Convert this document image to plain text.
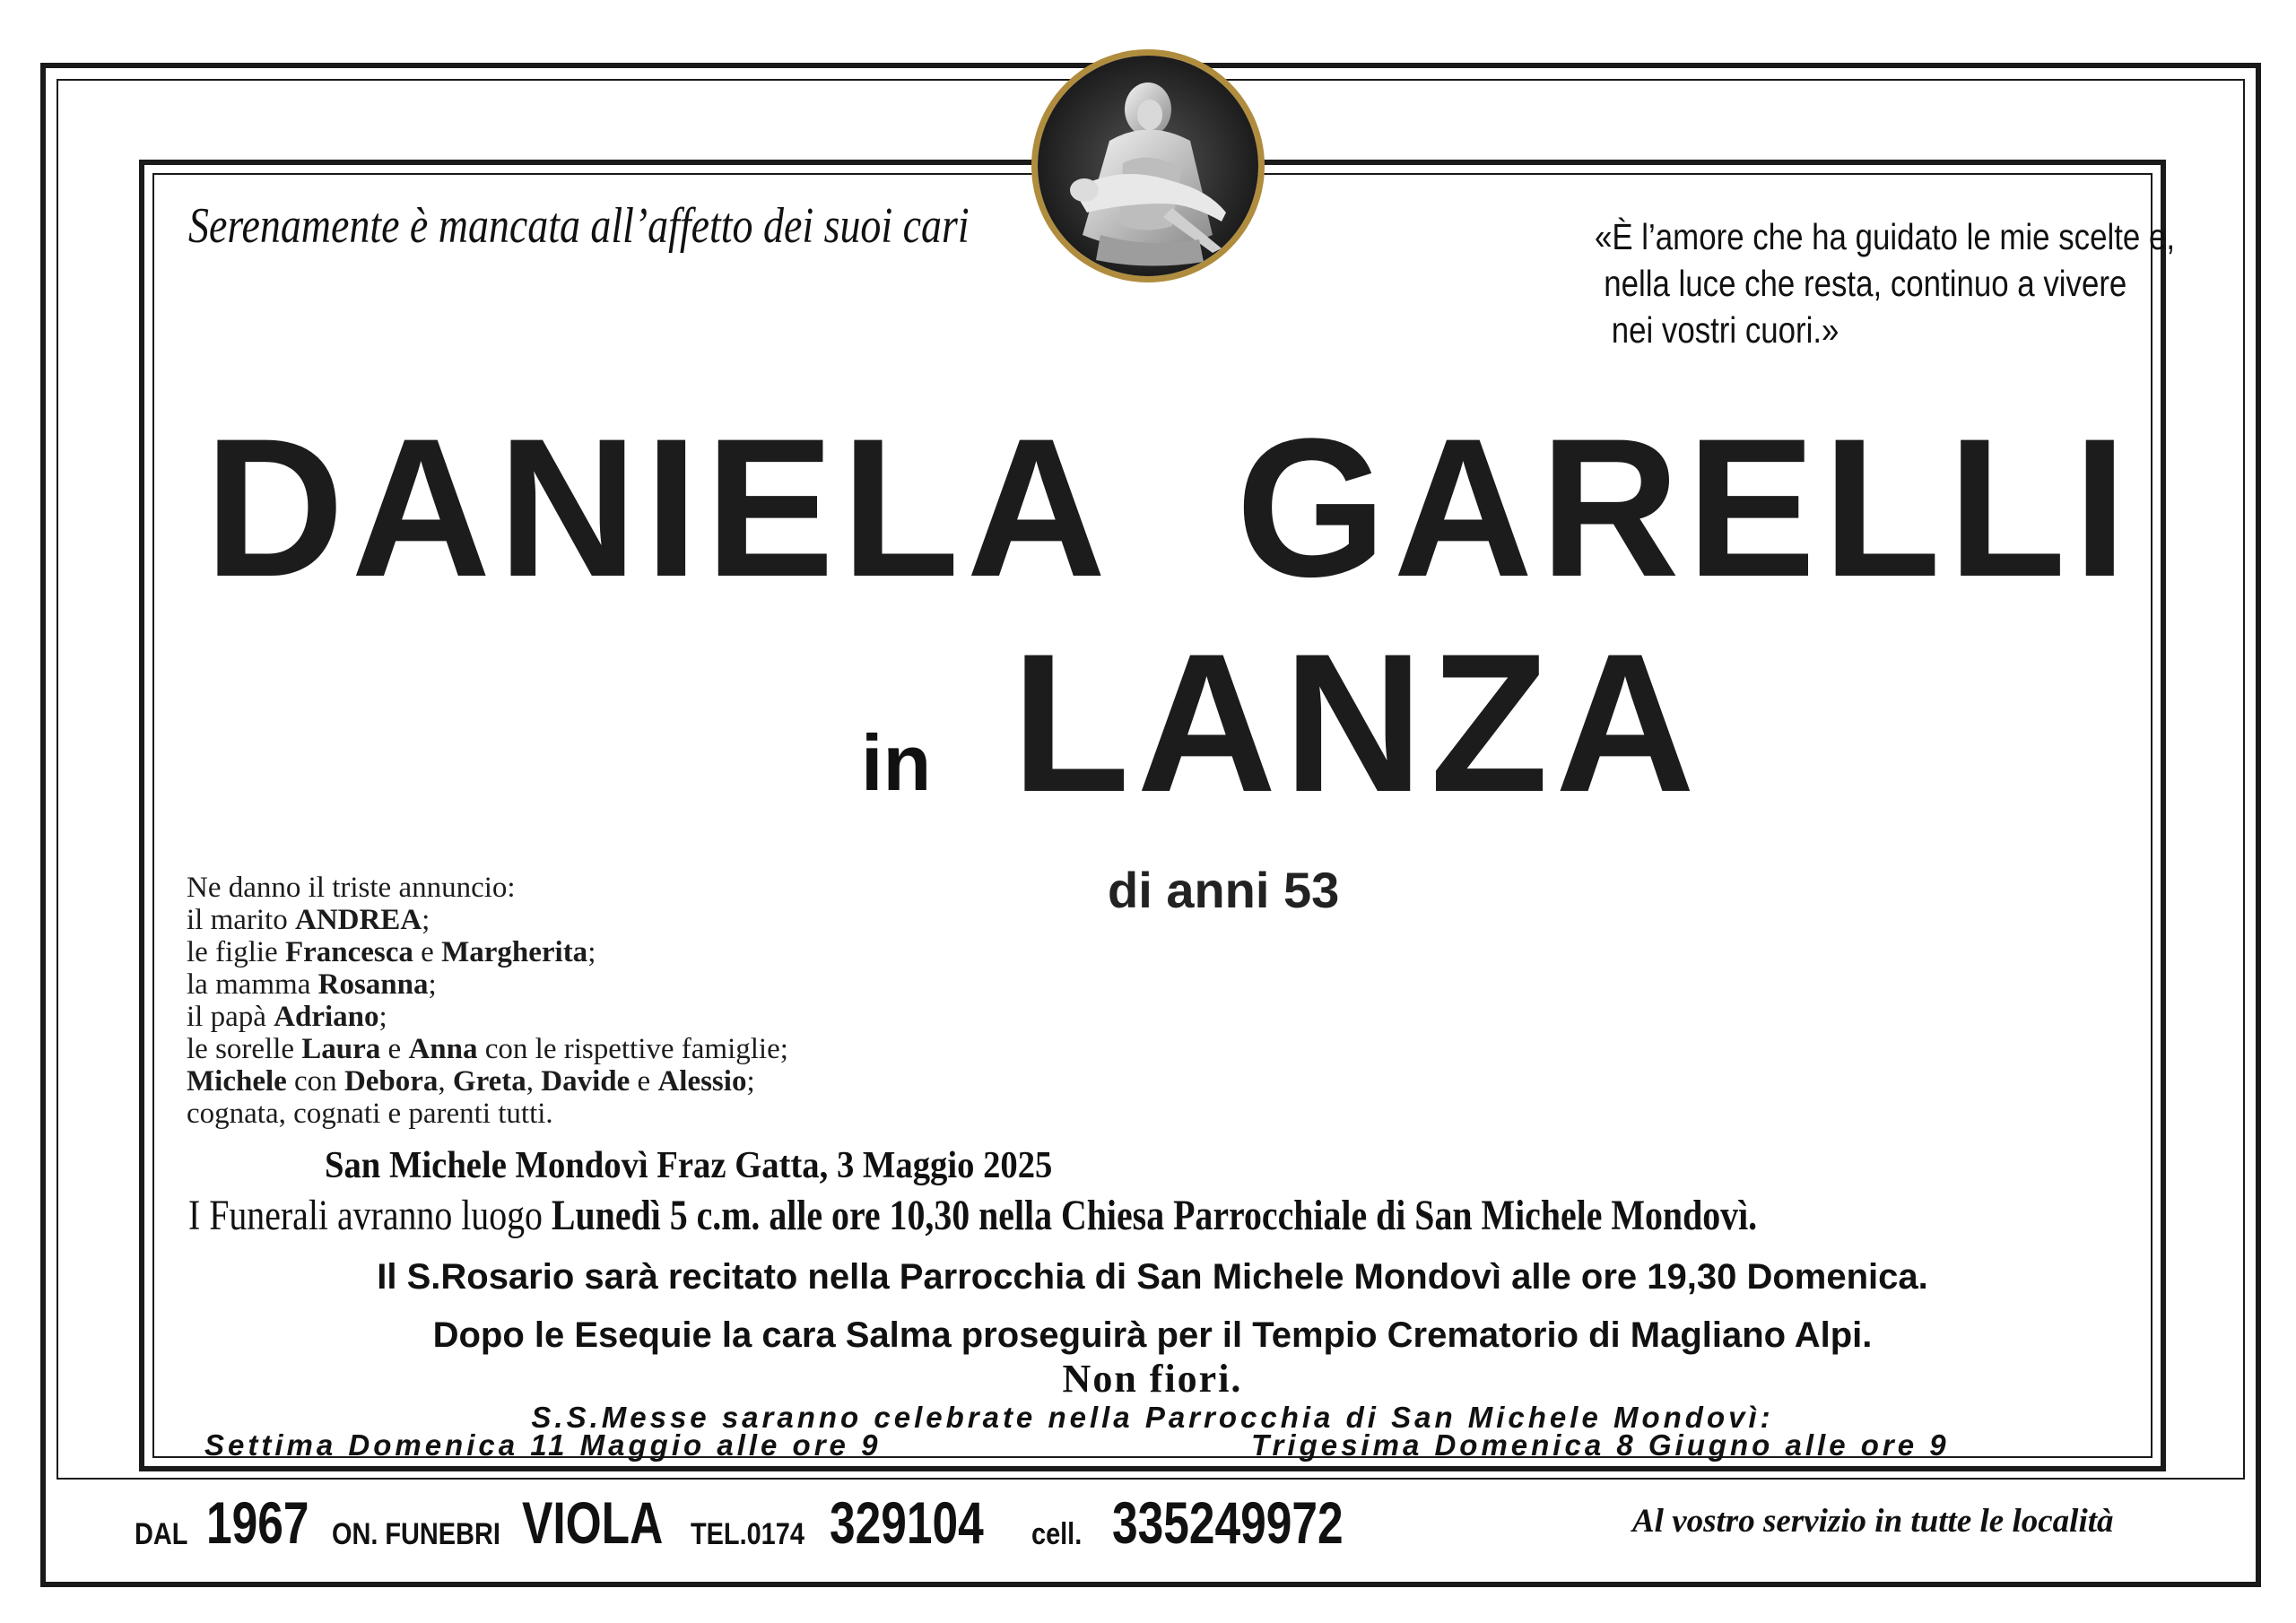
Serenamente è mancata all’affetto dei suoi cari	«È l’amore che ha guidato le mie scelte e,
nella luce che resta, continuo a vivere
nei vostri cuori.»
DANIELA GARELLI
in LANZA
di anni 53
Ne danno il triste annuncio:
il marito ANDREA;
le figlie Francesca e Margherita;
la mamma Rosanna;
il papà Adriano;
le sorelle Laura e Anna con le rispettive famiglie;
Michele con Debora, Greta, Davide e Alessio;
cognata, cognati e parenti tutti.
San Michele Mondovì Fraz Gatta, 3 Maggio 2025
I Funerali avranno luogo Lunedì 5 c.m. alle ore 10,30 nella Chiesa Parrocchiale di San Michele Mondovì.
Il S.Rosario sarà recitato nella Parrocchia di San Michele Mondovì alle ore 19,30 Domenica.
Dopo le Esequie la cara Salma proseguirà per il Tempio Crematorio di Magliano Alpi.
Non fiori.
S.S.Messe saranno celebrate nella Parrocchia di San Michele Mondovì:
Settima Domenica 11 Maggio alle ore 9	Trigesima Domenica 8 Giugno alle ore 9
DAL 1967 ON. FUNEBRI VIOLA TEL.0174 329104 cell. 335249972	Al vostro servizio in tutte le località
